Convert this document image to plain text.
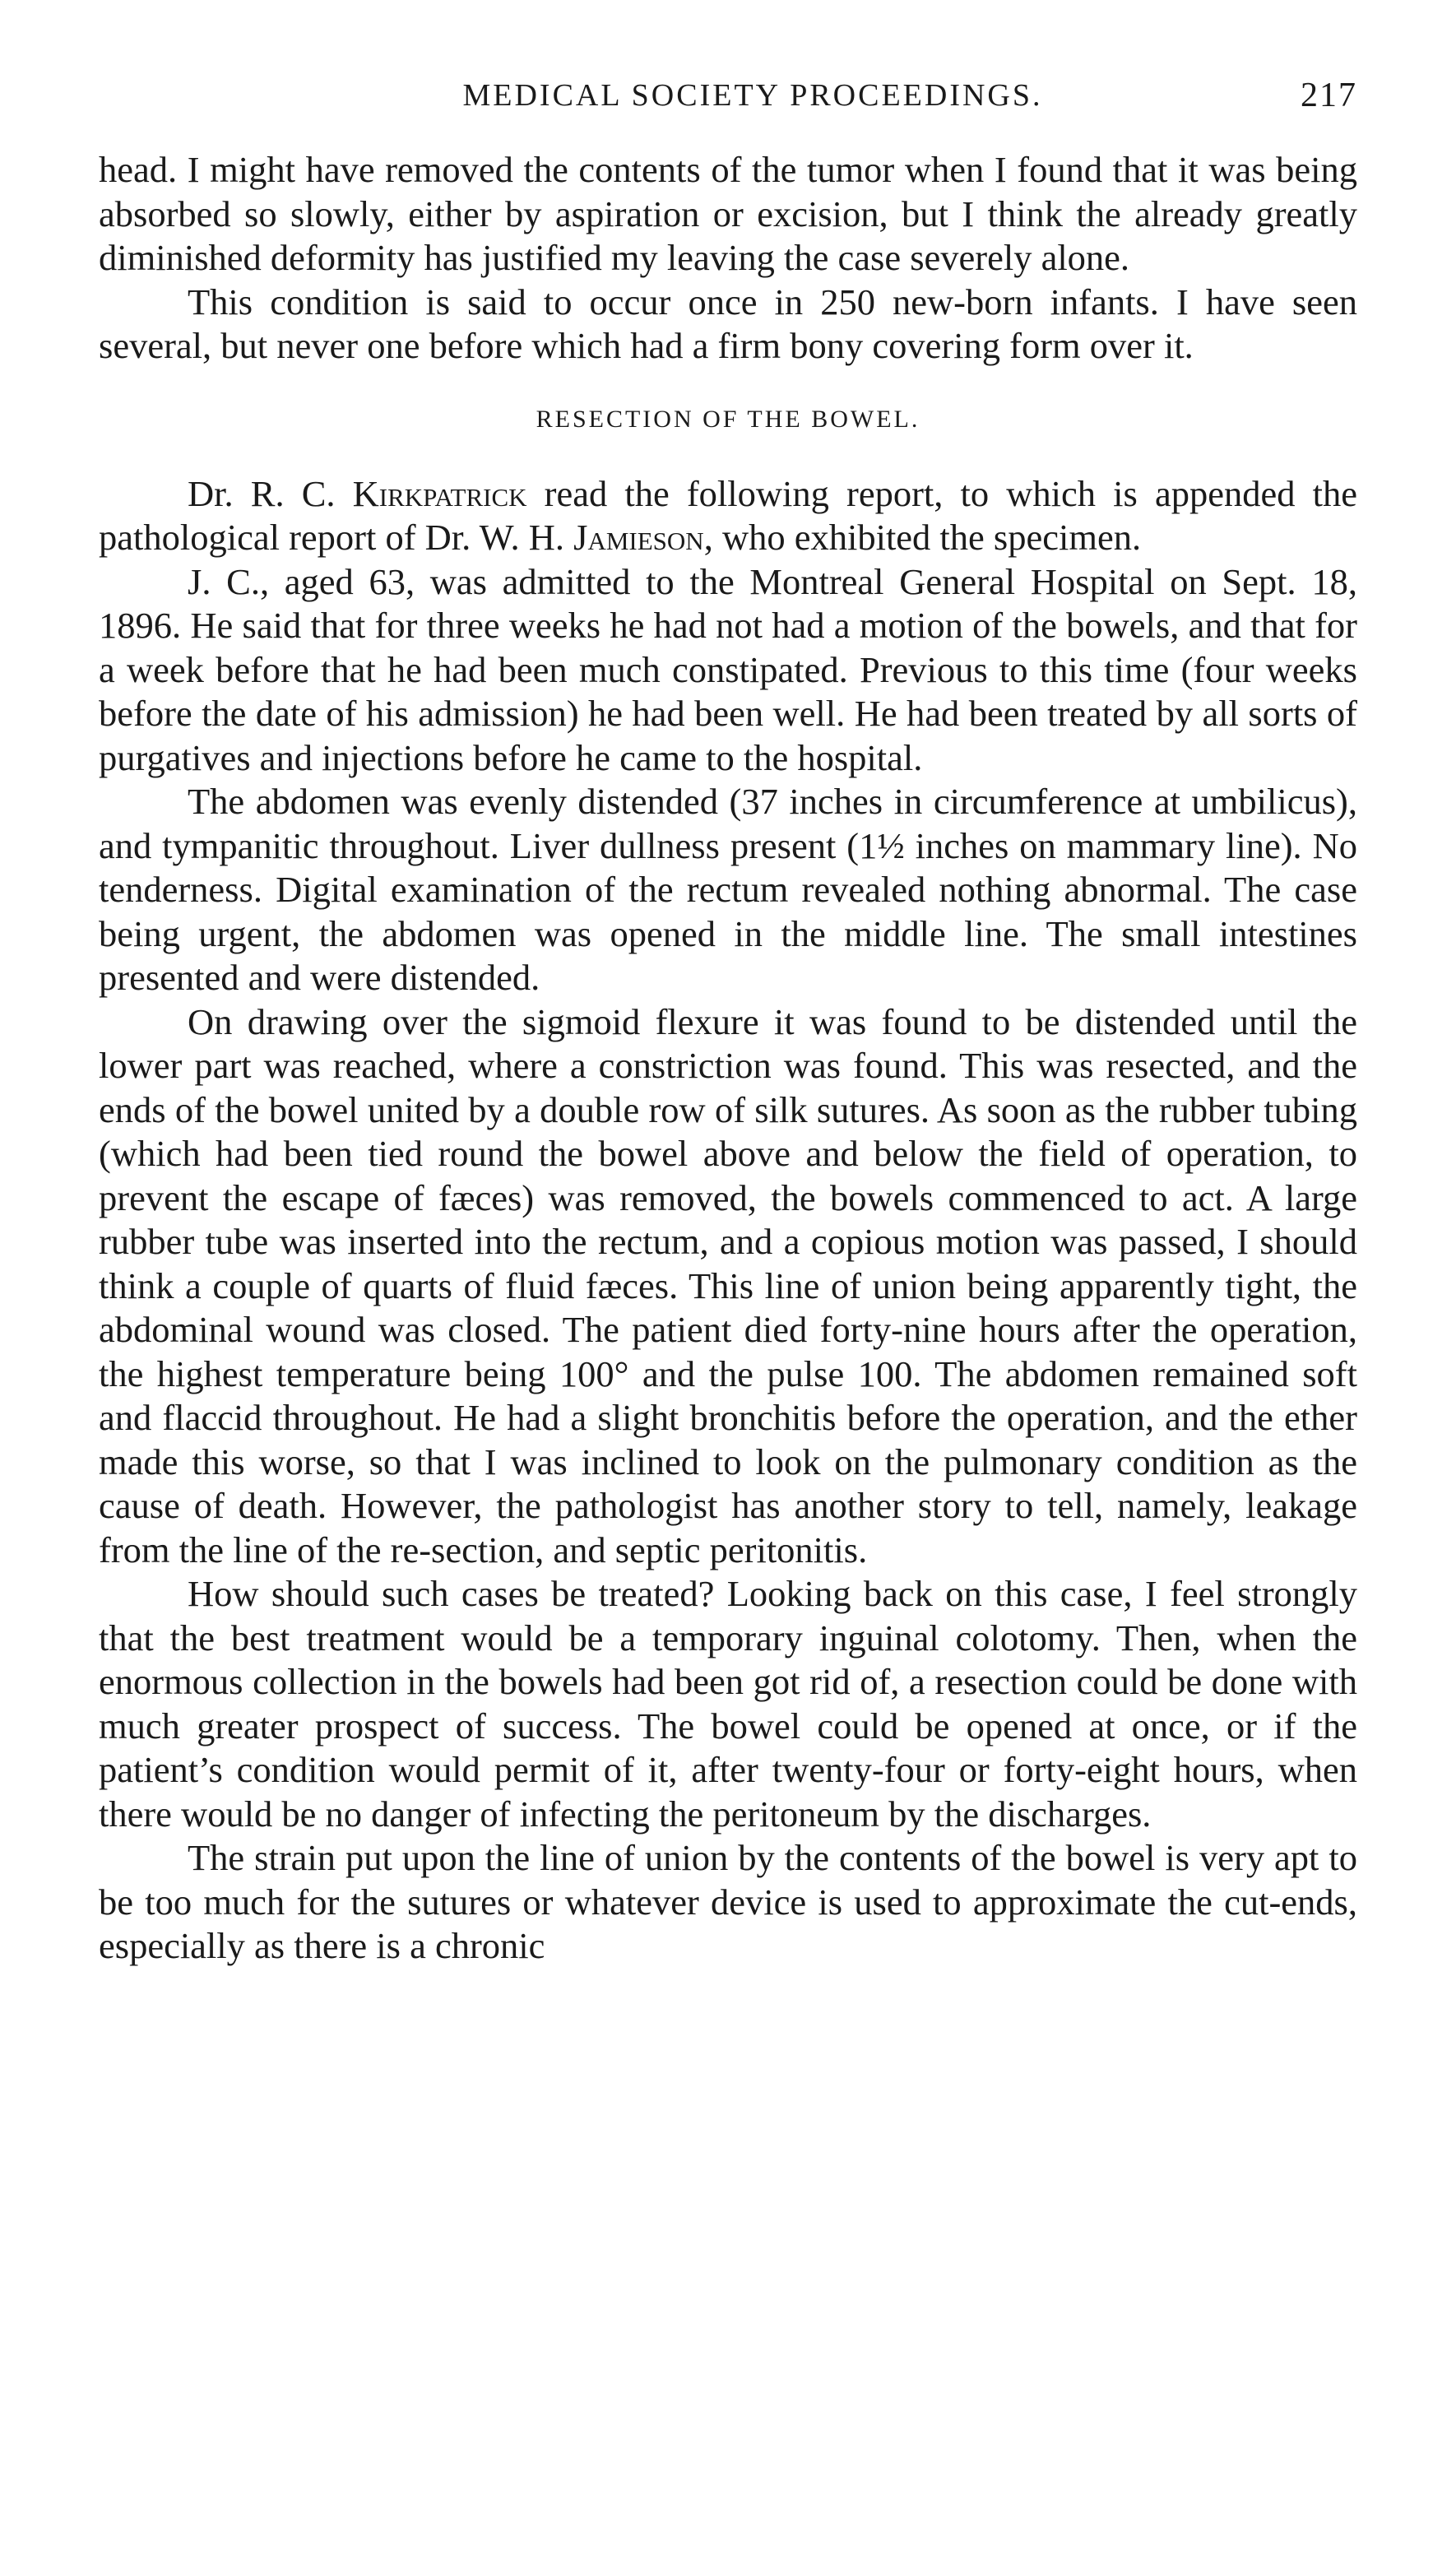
MEDICAL SOCIETY PROCEEDINGS.	217

head. I might have removed the contents of the tumor when I found that it was being absorbed so slowly, either by aspiration or excision, but I think the already greatly diminished deformity has justified my leaving the case severely alone.

This condition is said to occur once in 250 new-born infants. I have seen several, but never one before which had a firm bony covering form over it.

RESECTION OF THE BOWEL.

Dr. R. C. Kirkpatrick read the following report, to which is appended the pathological report of Dr. W. H. Jamieson, who exhibited the specimen.

J. C., aged 63, was admitted to the Montreal General Hospital on Sept. 18, 1896. He said that for three weeks he had not had a motion of the bowels, and that for a week before that he had been much constipated. Previous to this time (four weeks before the date of his admission) he had been well. He had been treated by all sorts of purgatives and injections before he came to the hospital.

The abdomen was evenly distended (37 inches in circumference at umbilicus), and tympanitic throughout. Liver dullness present (1½ inches on mammary line). No tenderness. Digital examination of the rectum revealed nothing abnormal. The case being urgent, the abdomen was opened in the middle line. The small intestines presented and were distended.

On drawing over the sigmoid flexure it was found to be distended until the lower part was reached, where a constriction was found. This was resected, and the ends of the bowel united by a double row of silk sutures. As soon as the rubber tubing (which had been tied round the bowel above and below the field of operation, to prevent the escape of fæces) was removed, the bowels commenced to act. A large rubber tube was inserted into the rectum, and a copious motion was passed, I should think a couple of quarts of fluid fæces. This line of union being apparently tight, the abdominal wound was closed. The patient died forty-nine hours after the operation, the highest temperature being 100° and the pulse 100. The abdomen remained soft and flaccid throughout. He had a slight bronchitis before the operation, and the ether made this worse, so that I was inclined to look on the pulmonary condition as the cause of death. However, the pathologist has another story to tell, namely, leakage from the line of the re-section, and septic peritonitis.

How should such cases be treated? Looking back on this case, I feel strongly that the best treatment would be a temporary inguinal colotomy. Then, when the enormous collection in the bowels had been got rid of, a resection could be done with much greater prospect of success. The bowel could be opened at once, or if the patient’s condition would permit of it, after twenty-four or forty-eight hours, when there would be no danger of infecting the peritoneum by the discharges.

The strain put upon the line of union by the contents of the bowel is very apt to be too much for the sutures or whatever device is used to approximate the cut-ends, especially as there is a chronic
